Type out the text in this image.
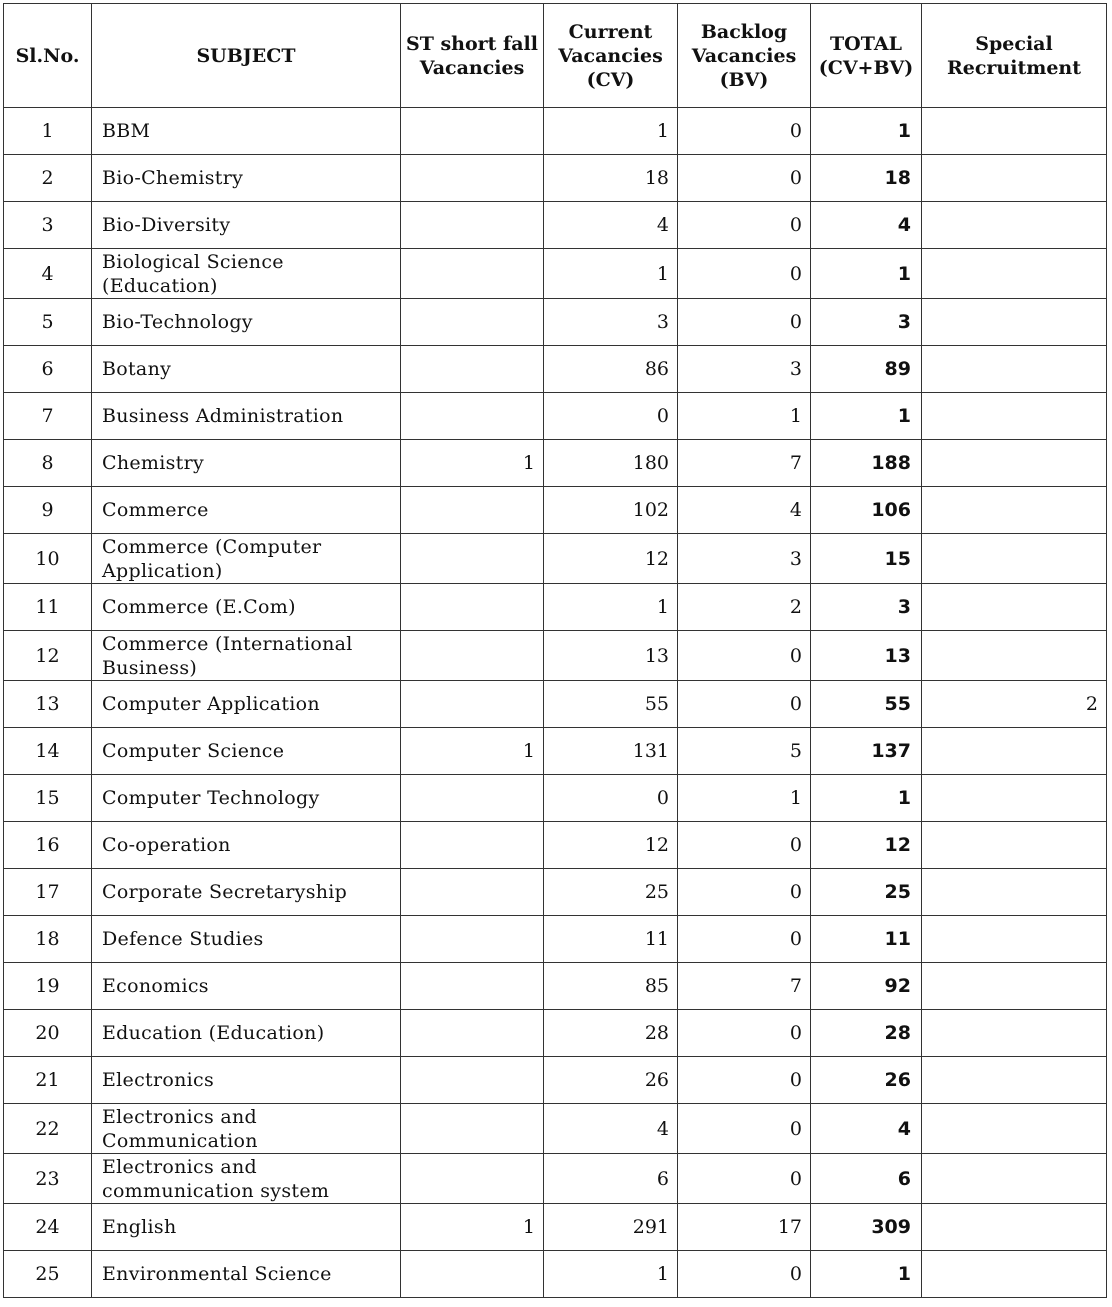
Sl.No.	SUBJECT	ST short fall Vacancies	Current Vacancies (CV)	Backlog Vacancies (BV)	TOTAL (CV+BV)	Special Recruitment
1	BBM		1	0	1	
2	Bio-Chemistry		18	0	18	
3	Bio-Diversity		4	0	4	
4	Biological Science (Education)		1	0	1	
5	Bio-Technology		3	0	3	
6	Botany		86	3	89	
7	Business Administration		0	1	1	
8	Chemistry	1	180	7	188	
9	Commerce		102	4	106	
10	Commerce (Computer Application)		12	3	15	
11	Commerce (E.Com)		1	2	3	
12	Commerce (International Business)		13	0	13	
13	Computer Application		55	0	55	2
14	Computer Science	1	131	5	137	
15	Computer Technology		0	1	1	
16	Co-operation		12	0	12	
17	Corporate Secretaryship		25	0	25	
18	Defence Studies		11	0	11	
19	Economics		85	7	92	
20	Education (Education)		28	0	28	
21	Electronics		26	0	26	
22	Electronics and Communication		4	0	4	
23	Electronics and communication system		6	0	6	
24	English	1	291	17	309	
25	Environmental Science		1	0	1	
